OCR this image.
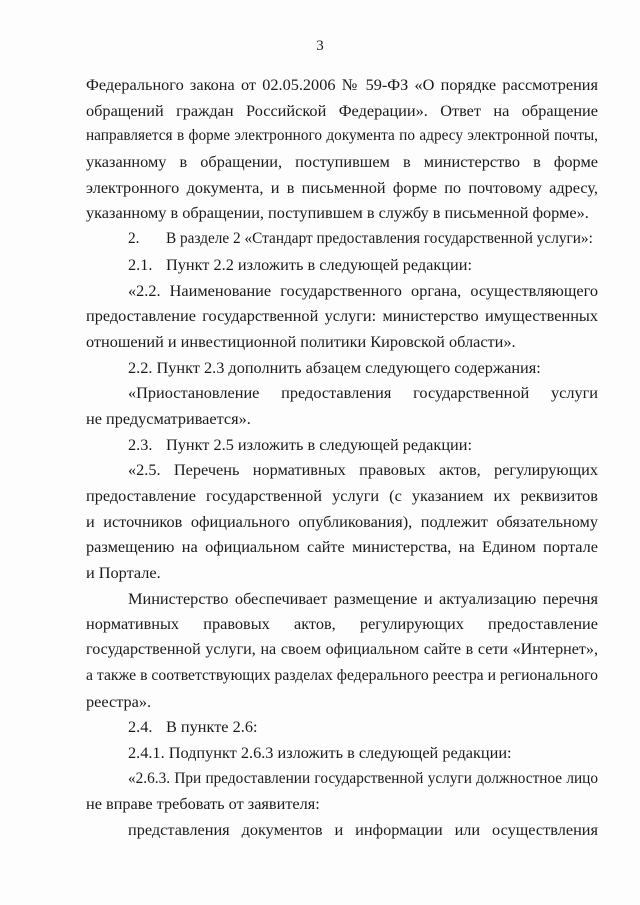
3
Федерального закона от 02.05.2006 № 59-ФЗ «О порядке рассмотрения
обращений граждан Российской Федерации». Ответ на обращение
направляется в форме электронного документа по адресу электронной почты,
указанному в обращении, поступившем в министерство в форме
электронного документа, и в письменной форме по почтовому адресу,
указанному в обращении, поступившем в службу в письменной форме».
2. В разделе 2 «Стандарт предоставления государственной услуги»:
2.1. Пункт 2.2 изложить в следующей редакции:
«2.2. Наименование государственного органа, осуществляющего
предоставление государственной услуги: министерство имущественных
отношений и инвестиционной политики Кировской области».
2.2. Пункт 2.3 дополнить абзацем следующего содержания:
«Приостановление предоставления государственной услуги
не предусматривается».
2.3. Пункт 2.5 изложить в следующей редакции:
«2.5. Перечень нормативных правовых актов, регулирующих
предоставление государственной услуги (с указанием их реквизитов
и источников официального опубликования), подлежит обязательному
размещению на официальном сайте министерства, на Едином портале
и Портале.
Министерство обеспечивает размещение и актуализацию перечня
нормативных правовых актов, регулирующих предоставление
государственной услуги, на своем официальном сайте в сети «Интернет»,
а также в соответствующих разделах федерального реестра и регионального
реестра».
2.4. В пункте 2.6:
2.4.1. Подпункт 2.6.3 изложить в следующей редакции:
«2.6.3. При предоставлении государственной услуги должностное лицо
не вправе требовать от заявителя:
представления документов и информации или осуществления
